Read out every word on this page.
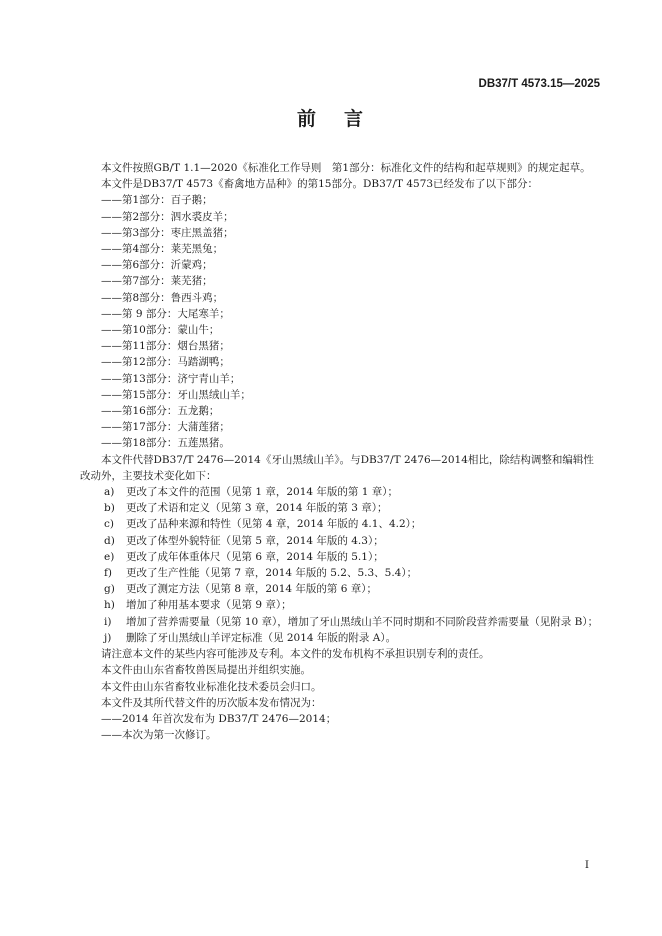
DB37/T 4573.15—2025
前 言

本文件按照GB/T 1.1—2020《标准化工作导则　第1部分：标准化文件的结构和起草规则》的规定起草。

本文件是DB37/T 4573《畜禽地方品种》的第15部分。DB37/T 4573已经发布了以下部分：

——第1部分：百子鹅；
——第2部分：泗水裘皮羊；
——第3部分：枣庄黑盖猪；
——第4部分：莱芜黑兔；
——第6部分：沂蒙鸡；
——第7部分：莱芜猪；
——第8部分：鲁西斗鸡；
——第 9 部分：大尾寒羊；
——第10部分：蒙山牛；
——第11部分：烟台黑猪；
——第12部分：马踏湖鸭；
——第13部分：济宁青山羊；
——第15部分：牙山黑绒山羊；
——第16部分：五龙鹅；
——第17部分：大蒲莲猪；
——第18部分：五莲黑猪。

本文件代替DB37/T 2476—2014《牙山黑绒山羊》。与DB37/T 2476—2014相比，除结构调整和编辑性改动外，主要技术变化如下：

a) 更改了本文件的范围（见第 1 章，2014 年版的第 1 章）；
b) 更改了术语和定义（见第 3 章，2014 年版的第 3 章）；
c) 更改了品种来源和特性（见第 4 章，2014 年版的 4.1、4.2）；
d) 更改了体型外貌特征（见第 5 章，2014 年版的 4.3）；
e) 更改了成年体重体尺（见第 6 章，2014 年版的 5.1）；
f) 更改了生产性能（见第 7 章，2014 年版的 5.2、5.3、5.4）；
g) 更改了测定方法（见第 8 章，2014 年版的第 6 章）；
h) 增加了种用基本要求（见第 9 章）；
i) 增加了营养需要量（见第 10 章），增加了牙山黑绒山羊不同时期和不同阶段营养需要量（见附录 B）；
j) 删除了牙山黑绒山羊评定标准（见 2014 年版的附录 A）。

请注意本文件的某些内容可能涉及专利。本文件的发布机构不承担识别专利的责任。

本文件由山东省畜牧兽医局提出并组织实施。

本文件由山东省畜牧业标准化技术委员会归口。

本文件及其所代替文件的历次版本发布情况为：

——2014 年首次发布为 DB37/T 2476—2014；
——本次为第一次修订。
I
